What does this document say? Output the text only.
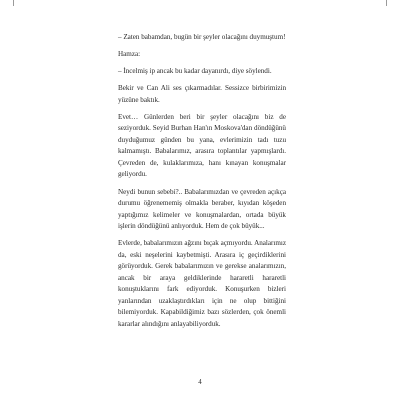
– Zaten babamdan, bugün bir şeyler olacağını duymuştum!

Hamza:

– İncelmiş ip ancak bu kadar dayanırdı, diye söylendi.

Bekir ve Can Ali ses çıkarmadılar. Sessizce birbirimizin yüzüne baktık.

Evet… Günlerden beri bir şeyler olacağını biz de seziyorduk. Seyid Burhan Han'ın Moskova'dan döndüğünü duyduğumuz günden bu yana, evlerimizin tadı tuzu kalmamıştı. Babalarımız, arasıra toplantılar yapmışlardı. Çevreden de, kulaklarımıza, hanı kınayan konuşmalar geliyordu.

Neydi bunun sebebi?.. Babalarımızdan ve çevreden açıkça durumu öğrenememiş olmakla beraber, kıyıdan köşeden yaptığımız kelimeler ve konuşmalardan, ortada büyük işlerin döndüğünü anlıyorduk. Hem de çok büyük...

Evlerde, babalarımızın ağzını bıçak açmıyordu. Analarımız da, eski neşelerini kaybetmişti. Arasıra iç geçirdiklerini görüyorduk. Gerek babalarımızın ve gerekse analarımızın, ancak bir araya geldiklerinde hararetli hararetli konuştuklarını fark ediyorduk. Konuşurken bizleri yanlarından uzaklaştırdıkları için ne olup bittiğini bilemiyorduk. Kapabildiğimiz bazı sözlerden, çok önemli kararlar alındığını anlayabiliyorduk.

4
